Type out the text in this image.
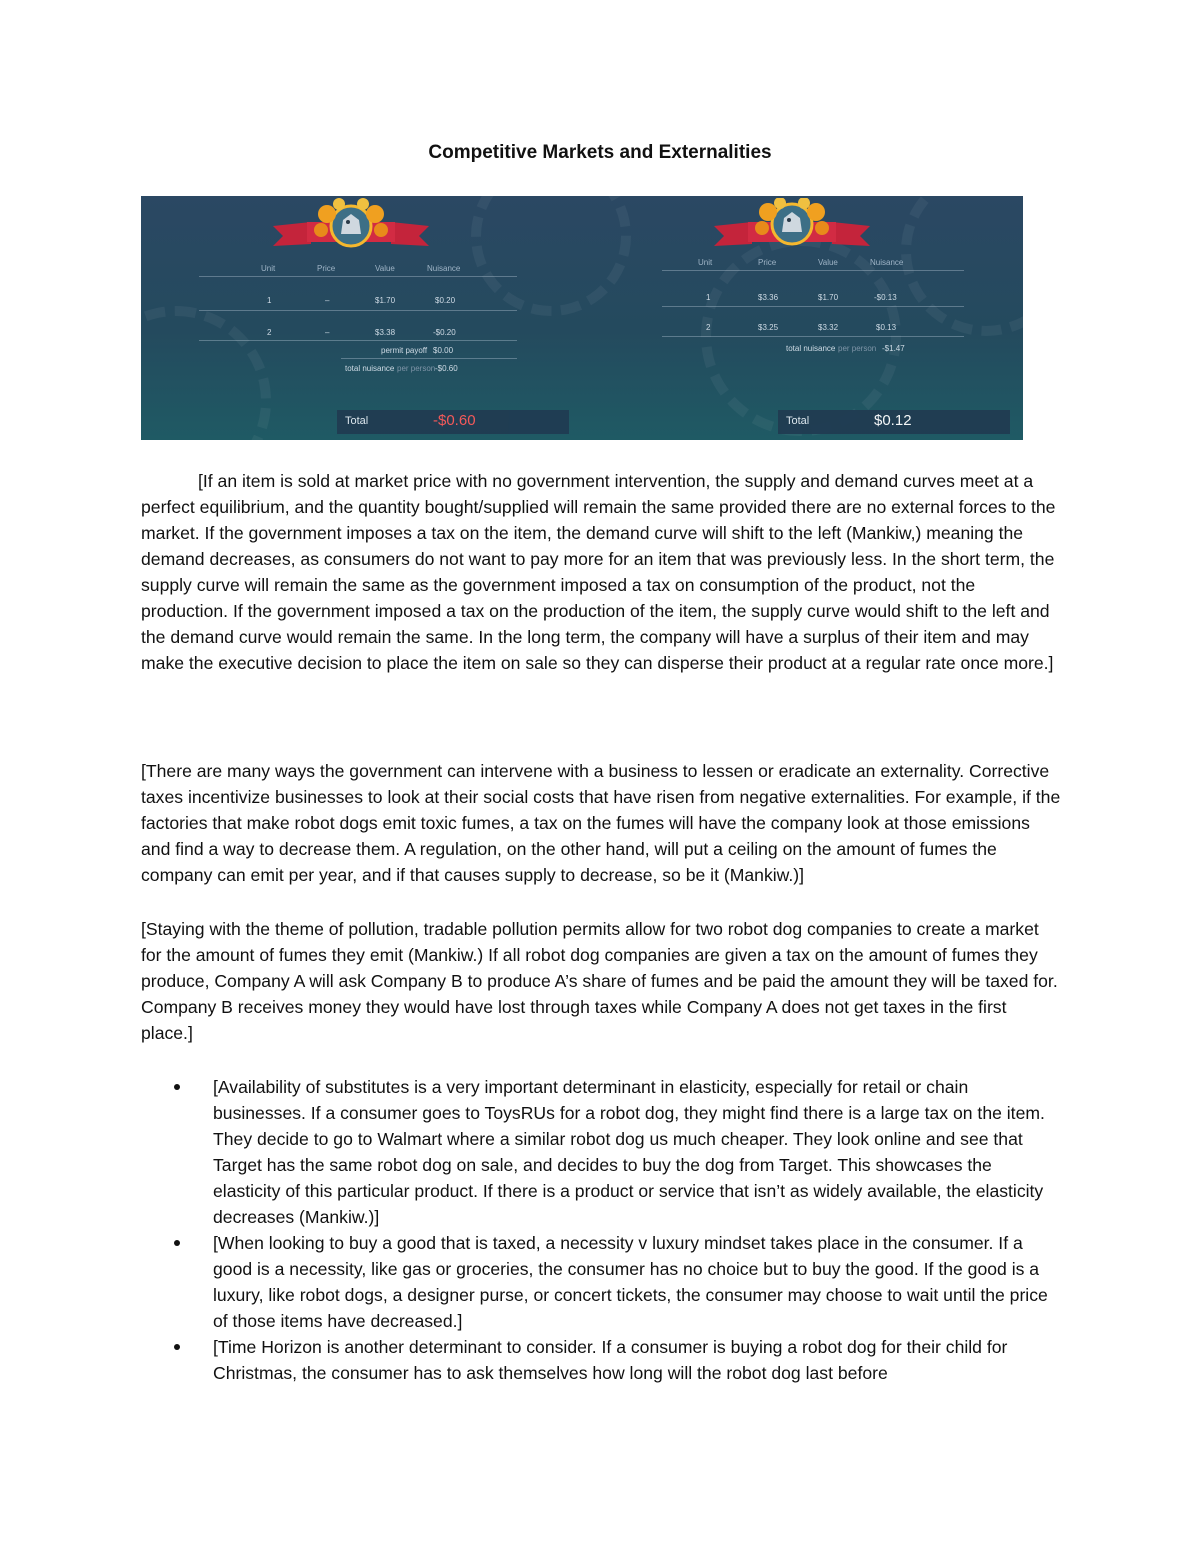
Competitive Markets and Externalities
Unit	Price	Value	Nuisance
1	–	$1.70	$0.20
2	–	$3.38	-$0.20
permit payoff $0.00
total nuisance per person -$0.60
Total	-$0.60
Unit	Price	Value	Nuisance
1	$3.36	$1.70	-$0.13
2	$3.25	$3.32	$0.13
total nuisance per person -$1.47
Total	$0.12

[If an item is sold at market price with no government intervention, the supply and demand curves meet at a perfect equilibrium, and the quantity bought/supplied will remain the same provided there are no external forces to the market. If the government imposes a tax on the item, the demand curve will shift to the left (Mankiw,) meaning the demand decreases, as consumers do not want to pay more for an item that was previously less. In the short term, the supply curve will remain the same as the government imposed a tax on consumption of the product, not the production. If the government imposed a tax on the production of the item, the supply curve would shift to the left and the demand curve would remain the same. In the long term, the company will have a surplus of their item and may make the executive decision to place the item on sale so they can disperse their product at a regular rate once more.]

[There are many ways the government can intervene with a business to lessen or eradicate an externality. Corrective taxes incentivize businesses to look at their social costs that have risen from negative externalities. For example, if the factories that make robot dogs emit toxic fumes, a tax on the fumes will have the company look at those emissions and find a way to decrease them. A regulation, on the other hand, will put a ceiling on the amount of fumes the company can emit per year, and if that causes supply to decrease, so be it (Mankiw.)]

[Staying with the theme of pollution, tradable pollution permits allow for two robot dog companies to create a market for the amount of fumes they emit (Mankiw.) If all robot dog companies are given a tax on the amount of fumes they produce, Company A will ask Company B to produce A’s share of fumes and be paid the amount they will be taxed for. Company B receives money they would have lost through taxes while Company A does not get taxes in the first place.]

[Availability of substitutes is a very important determinant in elasticity, especially for retail or chain businesses. If a consumer goes to ToysRUs for a robot dog, they might find there is a large tax on the item. They decide to go to Walmart where a similar robot dog us much cheaper. They look online and see that Target has the same robot dog on sale, and decides to buy the dog from Target. This showcases the elasticity of this particular product. If there is a product or service that isn’t as widely available, the elasticity decreases (Mankiw.)]
[When looking to buy a good that is taxed, a necessity v luxury mindset takes place in the consumer. If a good is a necessity, like gas or groceries, the consumer has no choice but to buy the good. If the good is a luxury, like robot dogs, a designer purse, or concert tickets, the consumer may choose to wait until the price of those items have decreased.]
[Time Horizon is another determinant to consider. If a consumer is buying a robot dog for their child for Christmas, the consumer has to ask themselves how long will the robot dog last before
